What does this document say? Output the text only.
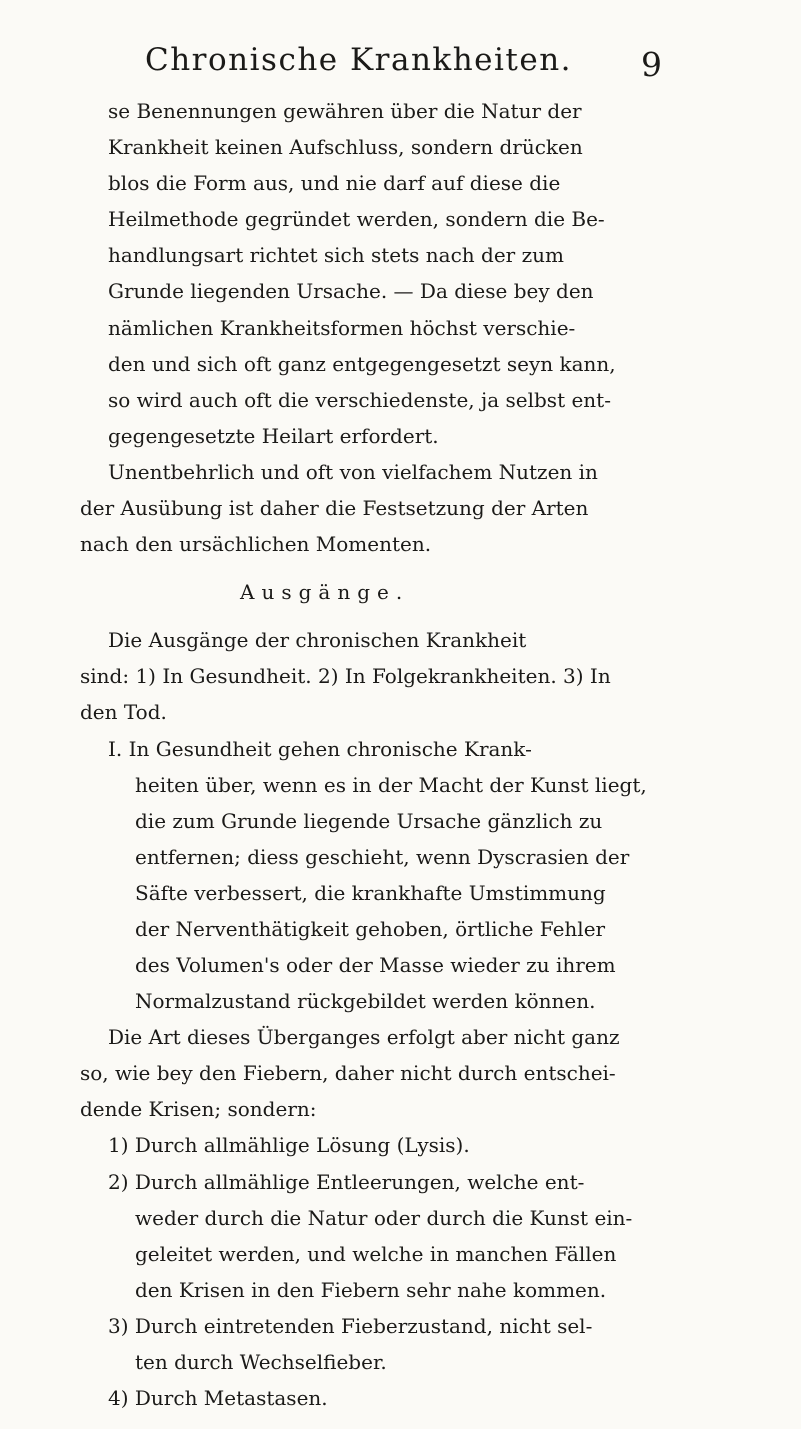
Chronische Krankheiten.	9
se Benennungen gewähren über die Natur der
Krankheit keinen Aufschluss, sondern drücken
blos die Form aus, und nie darf auf diese die
Heilmethode gegründet werden, sondern die Be-
handlungsart richtet sich stets nach der zum
Grunde liegenden Ursache. — Da diese bey den
nämlichen Krankheitsformen höchst verschie-
den und sich oft ganz entgegengesetzt seyn kann,
so wird auch oft die verschiedenste, ja selbst ent-
gegengesetzte Heilart erfordert.
Unentbehrlich und oft von vielfachem Nutzen in
der Ausübung ist daher die Festsetzung der Arten
nach den ursächlichen Momenten.
Ausgänge.
Die Ausgänge der chronischen Krankheit
sind: 1) In Gesundheit. 2) In Folgekrankheiten. 3) In
den Tod.
I. In Gesundheit gehen chronische Krank-
heiten über, wenn es in der Macht der Kunst liegt,
die zum Grunde liegende Ursache gänzlich zu
entfernen; diess geschieht, wenn Dyscrasien der
Säfte verbessert, die krankhafte Umstimmung
der Nerventhätigkeit gehoben, örtliche Fehler
des Volumen's oder der Masse wieder zu ihrem
Normalzustand rückgebildet werden können.
Die Art dieses Überganges erfolgt aber nicht ganz
so, wie bey den Fiebern, daher nicht durch entschei-
dende Krisen; sondern:
1) Durch allmählige Lösung (Lysis).
2) Durch allmählige Entleerungen, welche ent-
weder durch die Natur oder durch die Kunst ein-
geleitet werden, und welche in manchen Fällen
den Krisen in den Fiebern sehr nahe kommen.
3) Durch eintretenden Fieberzustand, nicht sel-
ten durch Wechselfieber.
4) Durch Metastasen.
